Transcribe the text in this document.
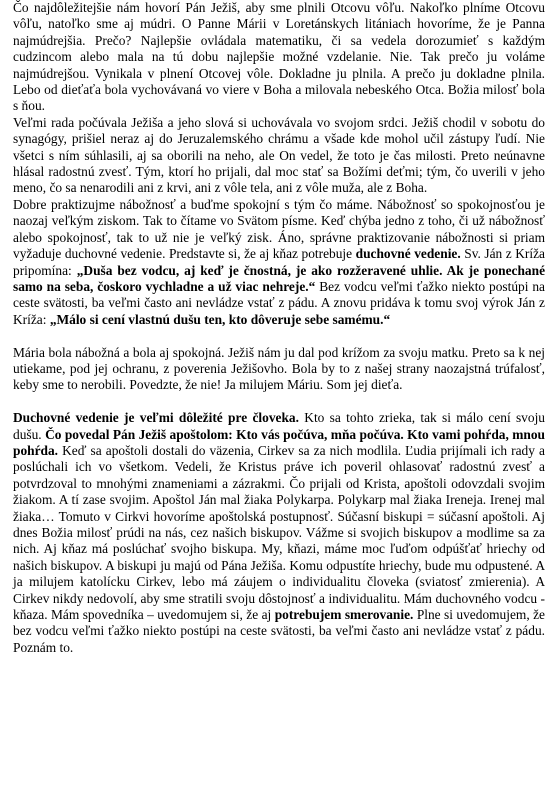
Čo najdôležitejšie nám hovorí Pán Ježiš, aby sme plnili Otcovu vôľu. Nakoľko plníme Otcovu vôľu, natoľko sme aj múdri. O Panne Márii v Loretánskych litániach hovoríme, že je Panna najmúdrejšia. Prečo? Najlepšie ovládala matematiku, či sa vedela dorozumieť s každým cudzincom alebo mala na tú dobu najlepšie možné vzdelanie. Nie. Tak prečo ju voláme najmúdrejšou. Vynikala v plnení Otcovej vôle. Dokladne ju plnila. A prečo ju dokladne plnila. Lebo od dieťaťa bola vychovávaná vo viere v Boha a milovala nebeského Otca. Božia milosť bola s ňou.

Veľmi rada počúvala Ježiša a jeho slová si uchovávala vo svojom srdci. Ježiš chodil v sobotu do synagógy, prišiel neraz aj do Jeruzalemského chrámu a všade kde mohol učil zástupy ľudí. Nie všetci s ním súhlasili, aj sa oborili na neho, ale On vedel, že toto je čas milosti. Preto neúnavne hlásal radostnú zvesť. Tým, ktorí ho prijali, dal moc stať sa Božími deťmi; tým, čo uverili v jeho meno, čo sa nenarodili ani z krvi, ani z vôle tela, ani z vôle muža, ale z Boha.

Dobre praktizujme nábožnosť a buďme spokojní s tým čo máme. Nábožnosť so spokojnosťou je naozaj veľkým ziskom. Tak to čítame vo Svätom písme. Keď chýba jedno z toho, či už nábožnosť alebo spokojnosť, tak to už nie je veľký zisk. Áno, správne praktizovanie nábožnosti si priam vyžaduje duchovné vedenie. Predstavte si, že aj kňaz potrebuje duchovné vedenie. Sv. Ján z Kríža pripomína: „Duša bez vodcu, aj keď je čnostná, je ako rozžeravené uhlie. Ak je ponechané samo na seba, čoskoro vychladne a už viac nehreje.“ Bez vodcu veľmi ťažko niekto postúpi na ceste svätosti, ba veľmi často ani nevládze vstať z pádu. A znovu pridáva k tomu svoj výrok Ján z Kríža: „Málo si cení vlastnú dušu ten, kto dôveruje sebe samému.“

Mária bola nábožná a bola aj spokojná. Ježiš nám ju dal pod krížom za svoju matku. Preto sa k nej utiekame, pod jej ochranu, z poverenia Ježišovho. Bola by to z našej strany naozajstná trúfalosť, keby sme to nerobili. Povedzte, že nie! Ja milujem Máriu. Som jej dieťa.

Duchovné vedenie je veľmi dôležité pre človeka. Kto sa tohto zrieka, tak si málo cení svoju dušu. Čo povedal Pán Ježiš apoštolom: Kto vás počúva, mňa počúva. Kto vami pohŕda, mnou pohŕda. Keď sa apoštoli dostali do väzenia, Cirkev sa za nich modlila. Ľudia prijímali ich rady a poslúchali ich vo všetkom. Vedeli, že Kristus práve ich poveril ohlasovať radostnú zvesť a potvrdzoval to mnohými znameniami a zázrakmi. Čo prijali od Krista, apoštoli odovzdali svojim žiakom. A tí zase svojim. Apoštol Ján mal žiaka Polykarpa. Polykarp mal žiaka Ireneja. Irenej mal žiaka… Tomuto v Cirkvi hovoríme apoštolská postupnosť. Súčasní biskupi = súčasní apoštoli. Aj dnes Božia milosť prúdi na nás, cez našich biskupov. Vážme si svojich biskupov a modlime sa za nich. Aj kňaz má poslúchať svojho biskupa. My, kňazi, máme moc ľuďom odpúšťať hriechy od našich biskupov. A biskupi ju majú od Pána Ježiša. Komu odpustíte hriechy, bude mu odpustené. A ja milujem katolícku Cirkev, lebo má záujem o individualitu človeka (sviatosť zmierenia). A Cirkev nikdy nedovolí, aby sme stratili svoju dôstojnosť a individualitu. Mám duchovného vodcu - kňaza. Mám spovedníka – uvedomujem si, že aj potrebujem smerovanie. Plne si uvedomujem, že bez vodcu veľmi ťažko niekto postúpi na ceste svätosti, ba veľmi často ani nevládze vstať z pádu. Poznám to.
